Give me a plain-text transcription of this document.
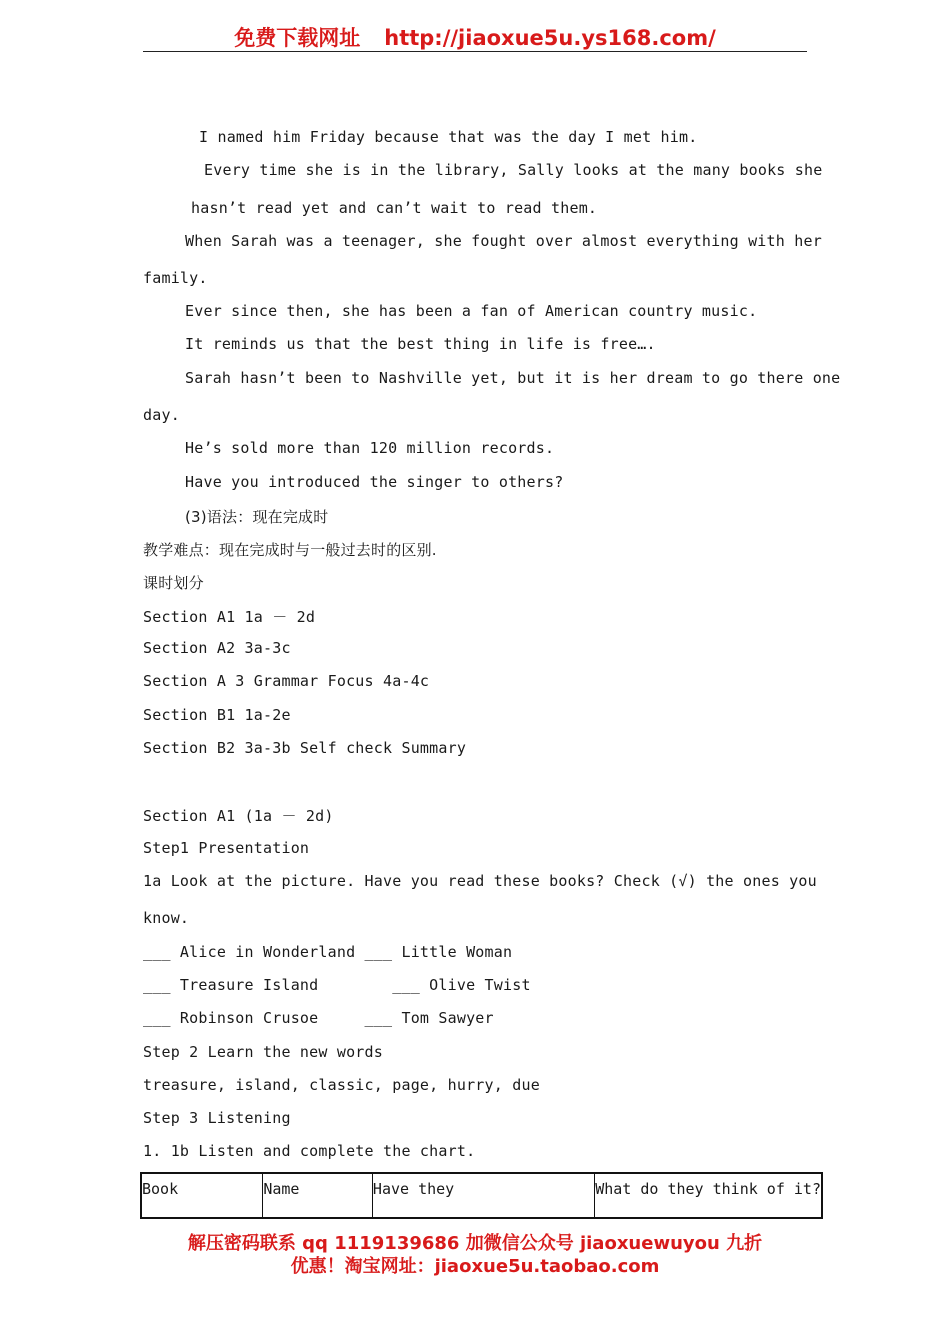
免费下载网址 http://jiaoxue5u.ys168.com/
I named him Friday because that was the day I met him.
Every time she is in the library, Sally looks at the many books she
hasn’t read yet and can’t wait to read them.
When Sarah was a teenager, she fought over almost everything with her
family.
Ever since then, she has been a fan of American country music.
It reminds us that the best thing in life is free….
Sarah hasn’t been to Nashville yet, but it is her dream to go there one
day.
He’s sold more than 120 million records.
Have you introduced the singer to others?
(3)语法：现在完成时
教学难点：现在完成时与一般过去时的区别.
课时划分
Section A1 1a － 2d
Section A2 3a-3c
Section A 3 Grammar Focus 4a-4c
Section B1 1a-2e
Section B2 3a-3b Self check Summary
Section A1 (1a － 2d)
Step1 Presentation
1a Look at the picture. Have you read these books? Check (√) the ones you
know.
___ Alice in Wonderland ___ Little Woman
___ Treasure Island        ___ Olive Twist
___ Robinson Crusoe     ___ Tom Sawyer
Step 2 Learn the new words
treasure, island, classic, page, hurry, due
Step 3 Listening
1. 1b Listen and complete the chart.
Book	Name	Have they	What do they think of it?
解压密码联系 qq 1119139686 加微信公众号 jiaoxuewuyou 九折
优惠！淘宝网址：jiaoxue5u.taobao.com
